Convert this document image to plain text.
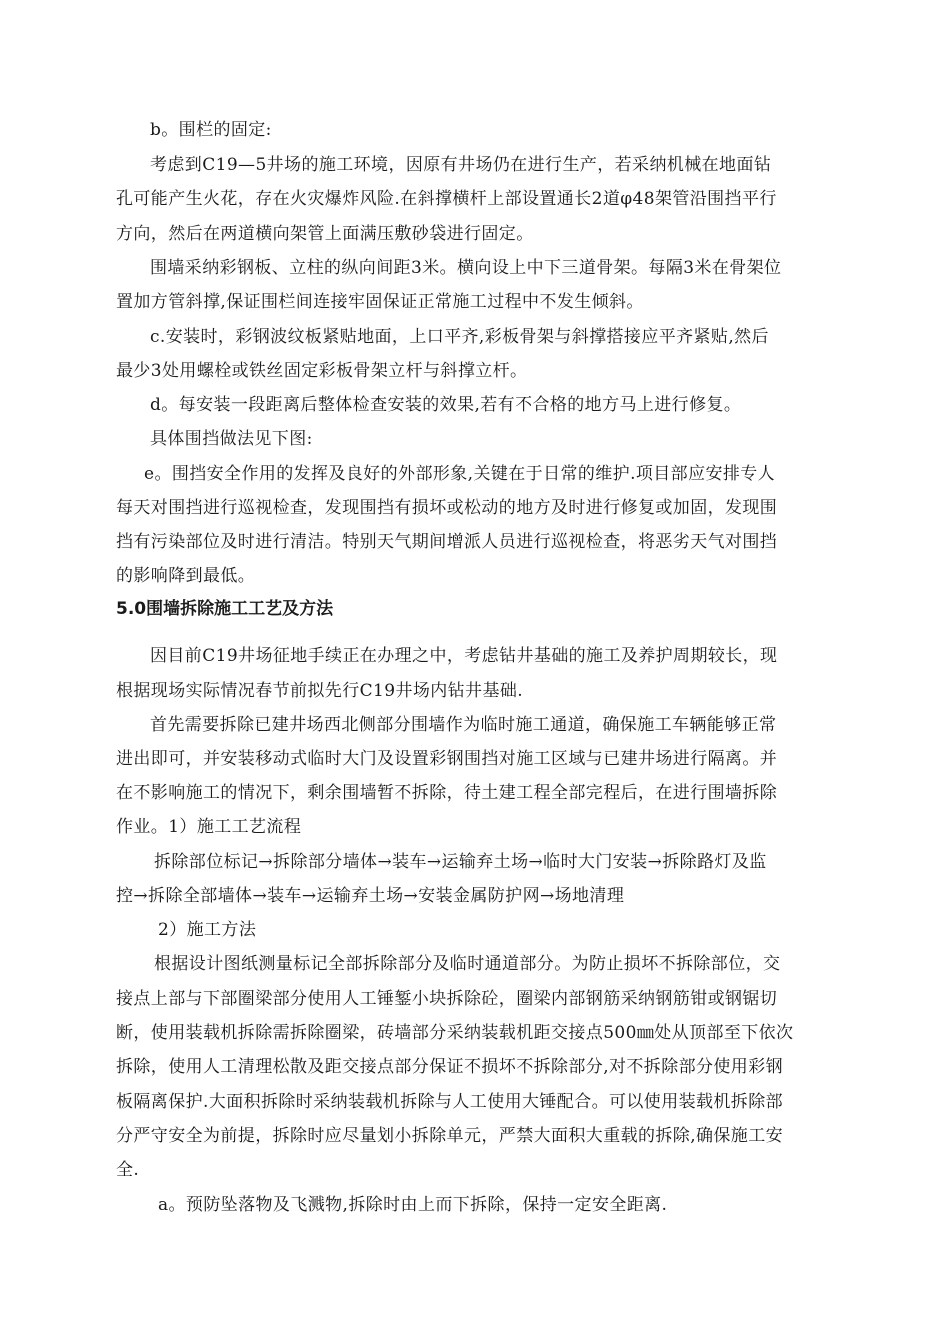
b。围栏的固定:
考虑到C19—5井场的施工环境，因原有井场仍在进行生产，若采纳机械在地面钻
孔可能产生火花，存在火灾爆炸风险.在斜撑横杆上部设置通长2道φ48架管沿围挡平行
方向，然后在两道横向架管上面满压敷砂袋进行固定。
围墙采纳彩钢板、立柱的纵向间距3米。横向设上中下三道骨架。每隔3米在骨架位
置加方管斜撑,保证围栏间连接牢固保证正常施工过程中不发生倾斜。
c.安装时，彩钢波纹板紧贴地面，上口平齐,彩板骨架与斜撑搭接应平齐紧贴,然后
最少3处用螺栓或铁丝固定彩板骨架立杆与斜撑立杆。
d。每安装一段距离后整体检查安装的效果,若有不合格的地方马上进行修复。
具体围挡做法见下图:
e。围挡安全作用的发挥及良好的外部形象,关键在于日常的维护.项目部应安排专人
每天对围挡进行巡视检查，发现围挡有损坏或松动的地方及时进行修复或加固，发现围
挡有污染部位及时进行清洁。特别天气期间增派人员进行巡视检查，将恶劣天气对围挡
的影响降到最低。
5.0围墙拆除施工工艺及方法
因目前C19井场征地手续正在办理之中，考虑钻井基础的施工及养护周期较长，现
根据现场实际情况春节前拟先行C19井场内钻井基础.
首先需要拆除已建井场西北侧部分围墙作为临时施工通道，确保施工车辆能够正常
进出即可，并安装移动式临时大门及设置彩钢围挡对施工区域与已建井场进行隔离。并
在不影响施工的情况下，剩余围墙暂不拆除，待土建工程全部完程后，在进行围墙拆除
作业。1）施工工艺流程
拆除部位标记→拆除部分墙体→装车→运输弃土场→临时大门安装→拆除路灯及监
控→拆除全部墙体→装车→运输弃土场→安装金属防护网→场地清理
2）施工方法
根据设计图纸测量标记全部拆除部分及临时通道部分。为防止损坏不拆除部位，交
接点上部与下部圈梁部分使用人工锤錾小块拆除砼，圈梁内部钢筋采纳钢筋钳或钢锯切
断，使用装载机拆除需拆除圈梁，砖墙部分采纳装载机距交接点500㎜处从顶部至下依次
拆除，使用人工清理松散及距交接点部分保证不损坏不拆除部分,对不拆除部分使用彩钢
板隔离保护.大面积拆除时采纳装载机拆除与人工使用大锤配合。可以使用装载机拆除部
分严守安全为前提，拆除时应尽量划小拆除单元，严禁大面积大重载的拆除,确保施工安
全.
a。预防坠落物及飞溅物,拆除时由上而下拆除，保持一定安全距离.
